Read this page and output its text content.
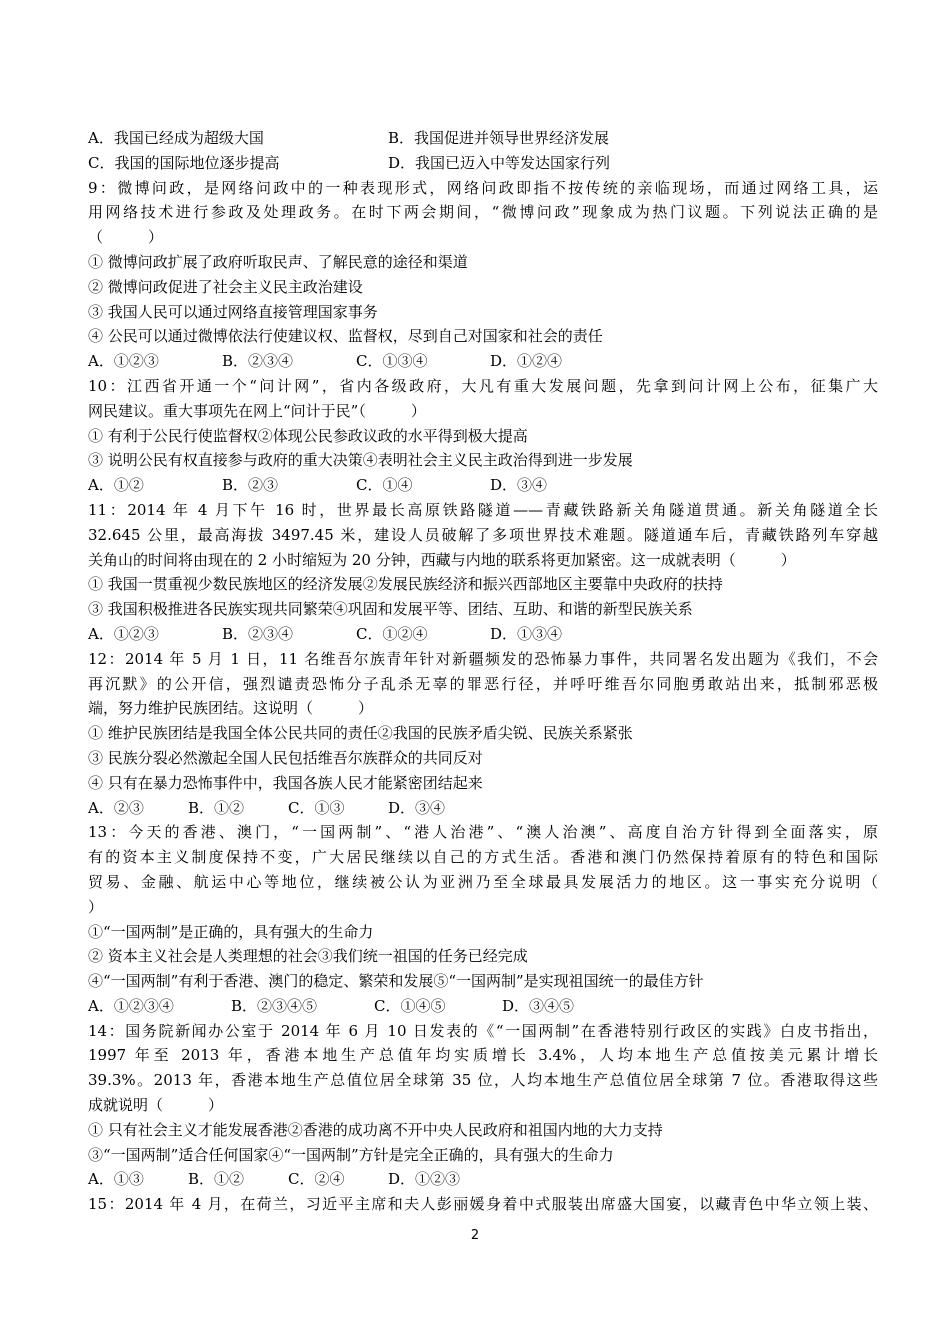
A．我国已经成为超级大国	B．我国促进并领导世界经济发展
C．我国的国际地位逐步提高	D．我国已迈入中等发达国家行列
9：微博问政，是网络问政中的一种表现形式，网络问政即指不按传统的亲临现场，而通过网络工具，运
用网络技术进行参政及处理政务。在时下两会期间，“微博问政”现象成为热门议题。下列说法正确的是
（　　　）
① 微博问政扩展了政府听取民声、了解民意的途径和渠道
② 微博问政促进了社会主义民主政治建设
③ 我国人民可以通过网络直接管理国家事务
④ 公民可以通过微博依法行使建议权、监督权，尽到自己对国家和社会的责任
A．①②③	B．②③④	C．①③④	D．①②④
10：江西省开通一个“问计网”，省内各级政府，大凡有重大发展问题，先拿到问计网上公布，征集广大
网民建议。重大事项先在网上“问计于民”（　　　）
① 有利于公民行使监督权②体现公民参政议政的水平得到极大提高
③ 说明公民有权直接参与政府的重大决策④表明社会主义民主政治得到进一步发展
A．①②	B．②③	C．①④	D．③④
11：2014 年 4 月下午 16 时，世界最长高原铁路隧道——青藏铁路新关角隧道贯通。新关角隧道全长
32.645 公里，最高海拔 3497.45 米，建设人员破解了多项世界技术难题。隧道通车后，青藏铁路列车穿越
关角山的时间将由现在的 2 小时缩短为 20 分钟，西藏与内地的联系将更加紧密。这一成就表明（　　　）
① 我国一贯重视少数民族地区的经济发展②发展民族经济和振兴西部地区主要靠中央政府的扶持
③ 我国积极推进各民族实现共同繁荣④巩固和发展平等、团结、互助、和谐的新型民族关系
A．①②③	B．②③④	C．①②④	D．①③④
12：2014 年 5 月 1 日，11 名维吾尔族青年针对新疆频发的恐怖暴力事件，共同署名发出题为《我们，不会
再沉默》的公开信，强烈谴责恐怖分子乱杀无辜的罪恶行径，并呼吁维吾尔同胞勇敢站出来，抵制邪恶极
端，努力维护民族团结。这说明（　　　）
① 维护民族团结是我国全体公民共同的责任②我国的民族矛盾尖锐、民族关系紧张
③ 民族分裂必然激起全国人民包括维吾尔族群众的共同反对
④ 只有在暴力恐怖事件中，我国各族人民才能紧密团结起来
A．②③	B．①②	C．①③	D．③④
13：今天的香港、澳门，“一国两制”、“港人治港”、“澳人治澳”、高度自治方针得到全面落实，原
有的资本主义制度保持不变，广大居民继续以自己的方式生活。香港和澳门仍然保持着原有的特色和国际
贸易、金融、航运中心等地位，继续被公认为亚洲乃至全球最具发展活力的地区。这一事实充分说明（
）
①“一国两制”是正确的，具有强大的生命力
② 资本主义社会是人类理想的社会③我们统一祖国的任务已经完成
④“一国两制”有利于香港、澳门的稳定、繁荣和发展⑤“一国两制”是实现祖国统一的最佳方针
A．①②③④	B．②③④⑤	C．①④⑤	D．③④⑤
14：国务院新闻办公室于 2014 年 6 月 10 日发表的《“一国两制”在香港特别行政区的实践》白皮书指出，
1997 年至 2013 年，香港本地生产总值年均实质增长 3.4%，人均本地生产总值按美元累计增长
39.3%。2013 年，香港本地生产总值位居全球第 35 位，人均本地生产总值位居全球第 7 位。香港取得这些
成就说明（　　　）
① 只有社会主义才能发展香港②香港的成功离不开中央人民政府和祖国内地的大力支持
③“一国两制”适合任何国家④“一国两制”方针是完全正确的，具有强大的生命力
A．①③	B．①②	C．②④	D．①②③
15：2014 年 4 月，在荷兰，习近平主席和夫人彭丽媛身着中式服装出席盛大国宴，以藏青色中华立领上装、
2
